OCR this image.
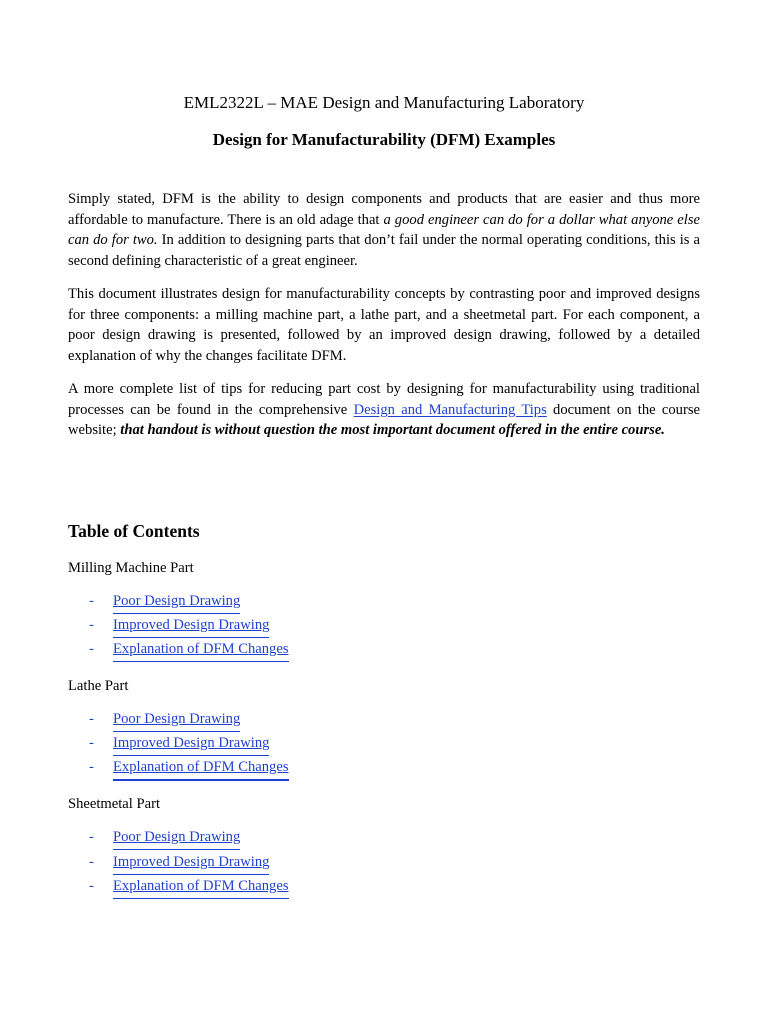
EML2322L – MAE Design and Manufacturing Laboratory
Design for Manufacturability (DFM) Examples

Simply stated, DFM is the ability to design components and products that are easier and thus more affordable to manufacture. There is an old adage that a good engineer can do for a dollar what anyone else can do for two. In addition to designing parts that don’t fail under the normal operating conditions, this is a second defining characteristic of a great engineer.

This document illustrates design for manufacturability concepts by contrasting poor and improved designs for three components: a milling machine part, a lathe part, and a sheetmetal part. For each component, a poor design drawing is presented, followed by an improved design drawing, followed by a detailed explanation of why the changes facilitate DFM.

A more complete list of tips for reducing part cost by designing for manufacturability using traditional processes can be found in the comprehensive Design and Manufacturing Tips document on the course website; that handout is without question the most important document offered in the entire course.

Table of Contents
Milling Machine Part
- Poor Design Drawing
- Improved Design Drawing
- Explanation of DFM Changes
Lathe Part
- Poor Design Drawing
- Improved Design Drawing
- Explanation of DFM Changes
Sheetmetal Part
- Poor Design Drawing
- Improved Design Drawing
- Explanation of DFM Changes
